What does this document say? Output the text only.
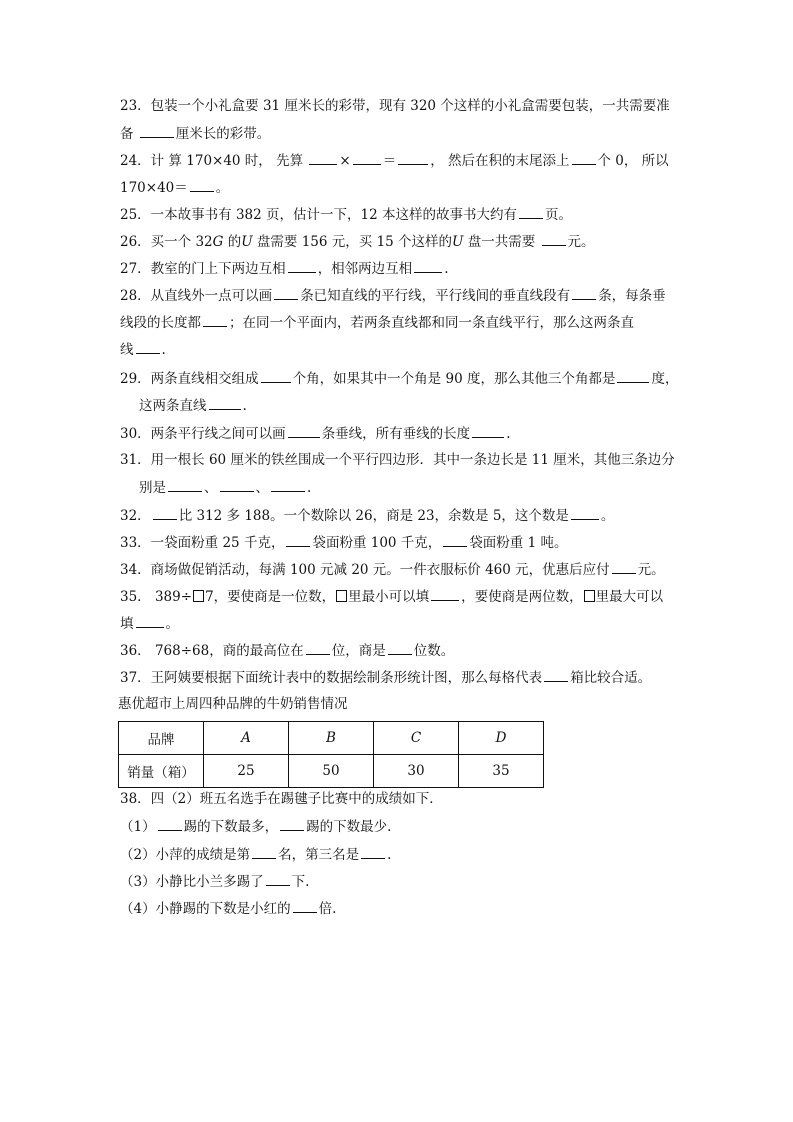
23．包装一个小礼盒要 31 厘米长的彩带，现有 320 个这样的小礼盒需要包装，一共需要准
备	厘米长的彩带。
24．计 算 170×40 时， 先算 × ＝	， 然后在积的末尾添上 个 0， 所以
170×40＝ 。
25．一本故事书有 382 页，估计一下，12 本这样的故事书大约有 页。
26．买一个 32G 的U 盘需要 156 元，买 15 个这样的U 盘一共需要 元。
27．教室的门上下两边互相 ，相邻两边互相 .
28．从直线外一点可以画 条已知直线的平行线，平行线间的垂直线段有 条，每条垂
线段的长度都 ；在同一个平面内，若两条直线都和同一条直线平行，那么这两条直
线 .
29．两条直线相交组成	个角，如果其中一个角是 90 度，那么其他三个角都是	度，
这两条直线	.
30．两条平行线之间可以画	条垂线，所有垂线的长度	.
31．用一根长 60 厘米的铁丝围成一个平行四边形．其中一条边长是 11 厘米，其他三条边分
别是	、	、	.
32． 比 312 多 188。一个数除以 26，商是 23，余数是 5，这个数是 。
33．一袋面粉重 25 千克， 袋面粉重 100 千克， 袋面粉重 1 吨。
34．商场做促销活动，每满 100 元减 20 元。一件衣服标价 460 元，优惠后应付 元。
35． 389÷ 7，要使商是一位数， 里最小可以填 ，要使商是两位数， 里最大可以
填 。
36． 768÷68，商的最高位在 位，商是 位数。
37．王阿姨要根据下面统计表中的数据绘制条形统计图，那么每格代表 箱比较合适。
惠优超市上周四种品牌的牛奶销售情况
品牌	A	B	C	D
销量（箱）	25	50	30	35
38．四（2）班五名选手在踢毽子比赛中的成绩如下．
（1） 踢的下数最多， 踢的下数最少.
（2）小萍的成绩是第 名，第三名是 .
（3）小静比小兰多踢了 下.
（4）小静踢的下数是小红的 倍.
